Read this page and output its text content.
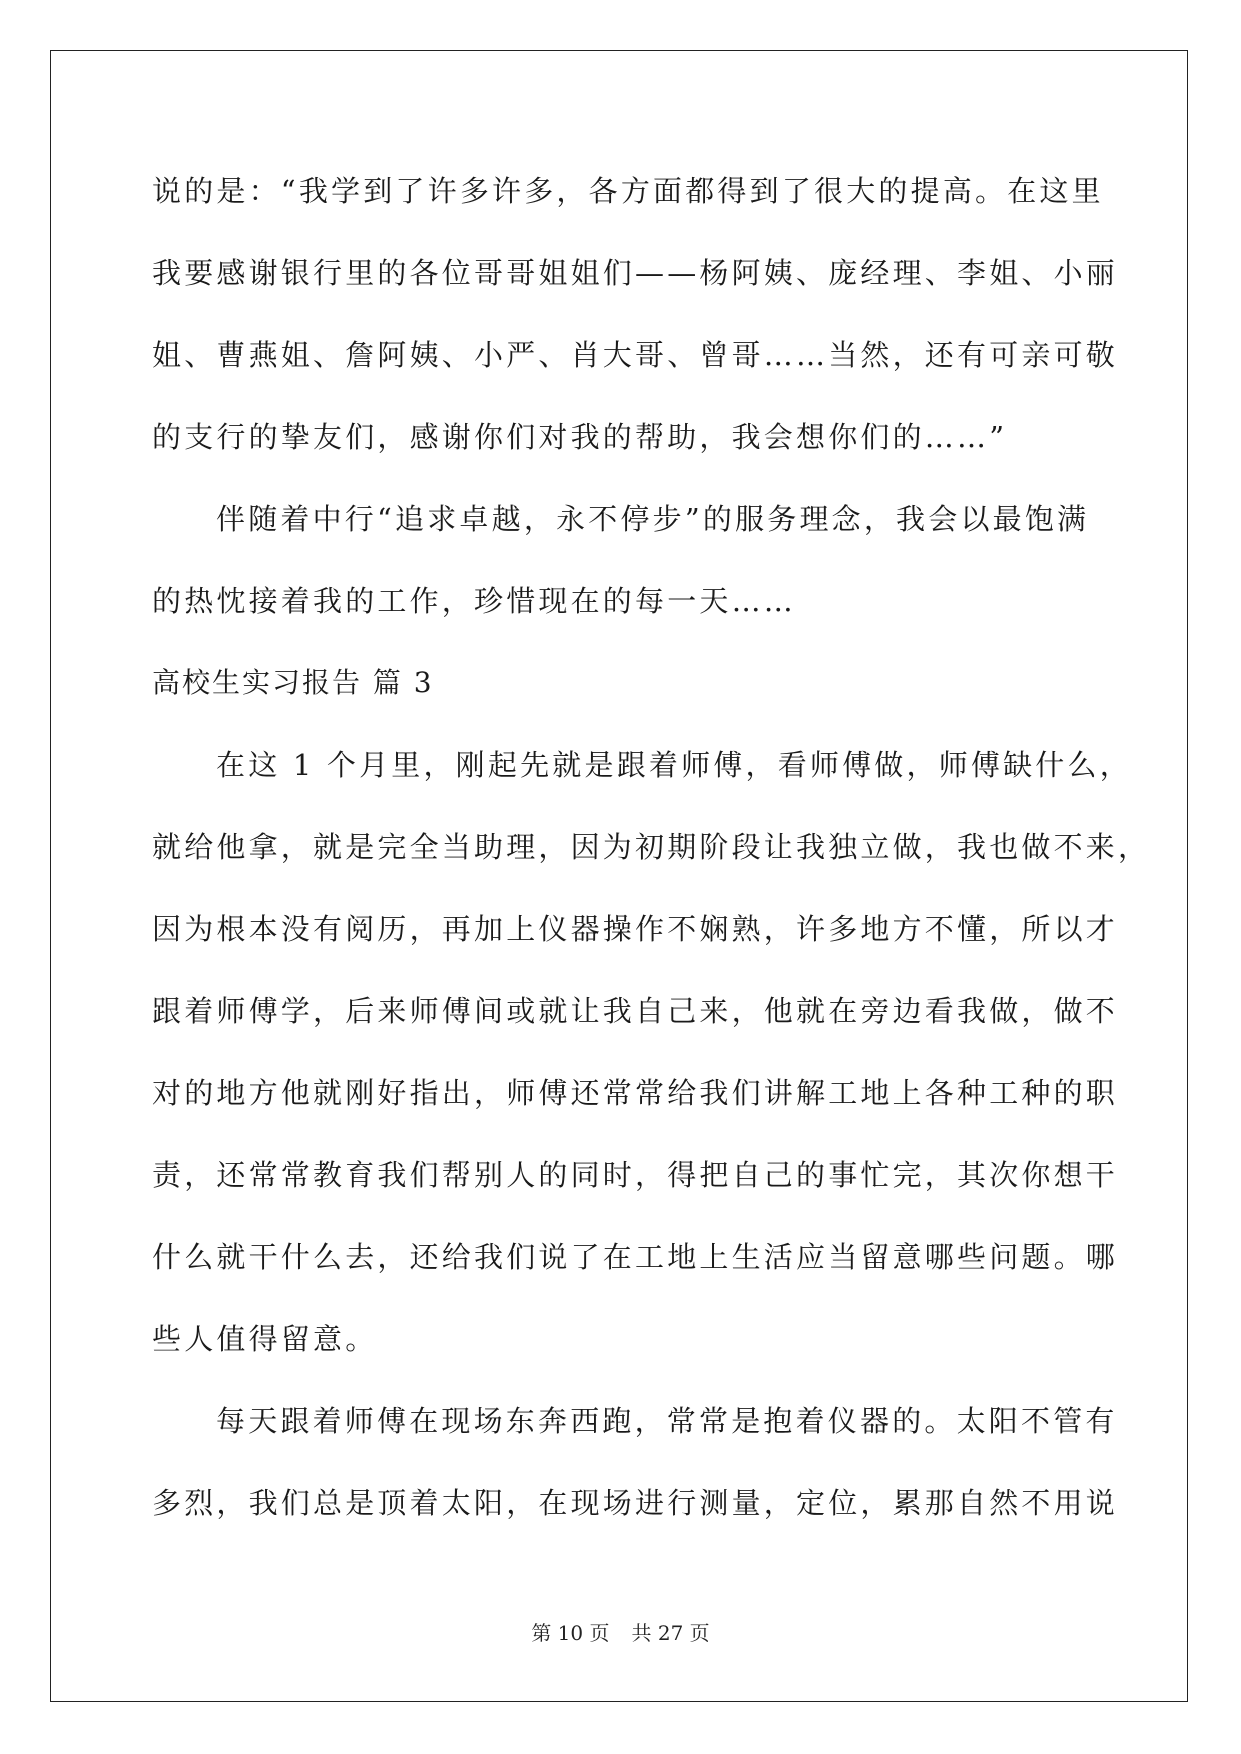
说的是：“我学到了许多许多，各方面都得到了很大的提高。在这里
我要感谢银行里的各位哥哥姐姐们——杨阿姨、庞经理、李姐、小丽
姐、曹燕姐、詹阿姨、小严、肖大哥、曾哥……当然，还有可亲可敬
的支行的挚友们，感谢你们对我的帮助，我会想你们的……”
伴随着中行“追求卓越，永不停步”的服务理念，我会以最饱满
的热忱接着我的工作，珍惜现在的每一天……
高校生实习报告 篇 3
在这 1 个月里，刚起先就是跟着师傅，看师傅做，师傅缺什么，
就给他拿，就是完全当助理，因为初期阶段让我独立做，我也做不来，
因为根本没有阅历，再加上仪器操作不娴熟，许多地方不懂，所以才
跟着师傅学，后来师傅间或就让我自己来，他就在旁边看我做，做不
对的地方他就刚好指出，师傅还常常给我们讲解工地上各种工种的职
责，还常常教育我们帮别人的同时，得把自己的事忙完，其次你想干
什么就干什么去，还给我们说了在工地上生活应当留意哪些问题。哪
些人值得留意。
每天跟着师傅在现场东奔西跑，常常是抱着仪器的。太阳不管有
多烈，我们总是顶着太阳，在现场进行测量，定位，累那自然不用说
第 10 页 共 27 页
